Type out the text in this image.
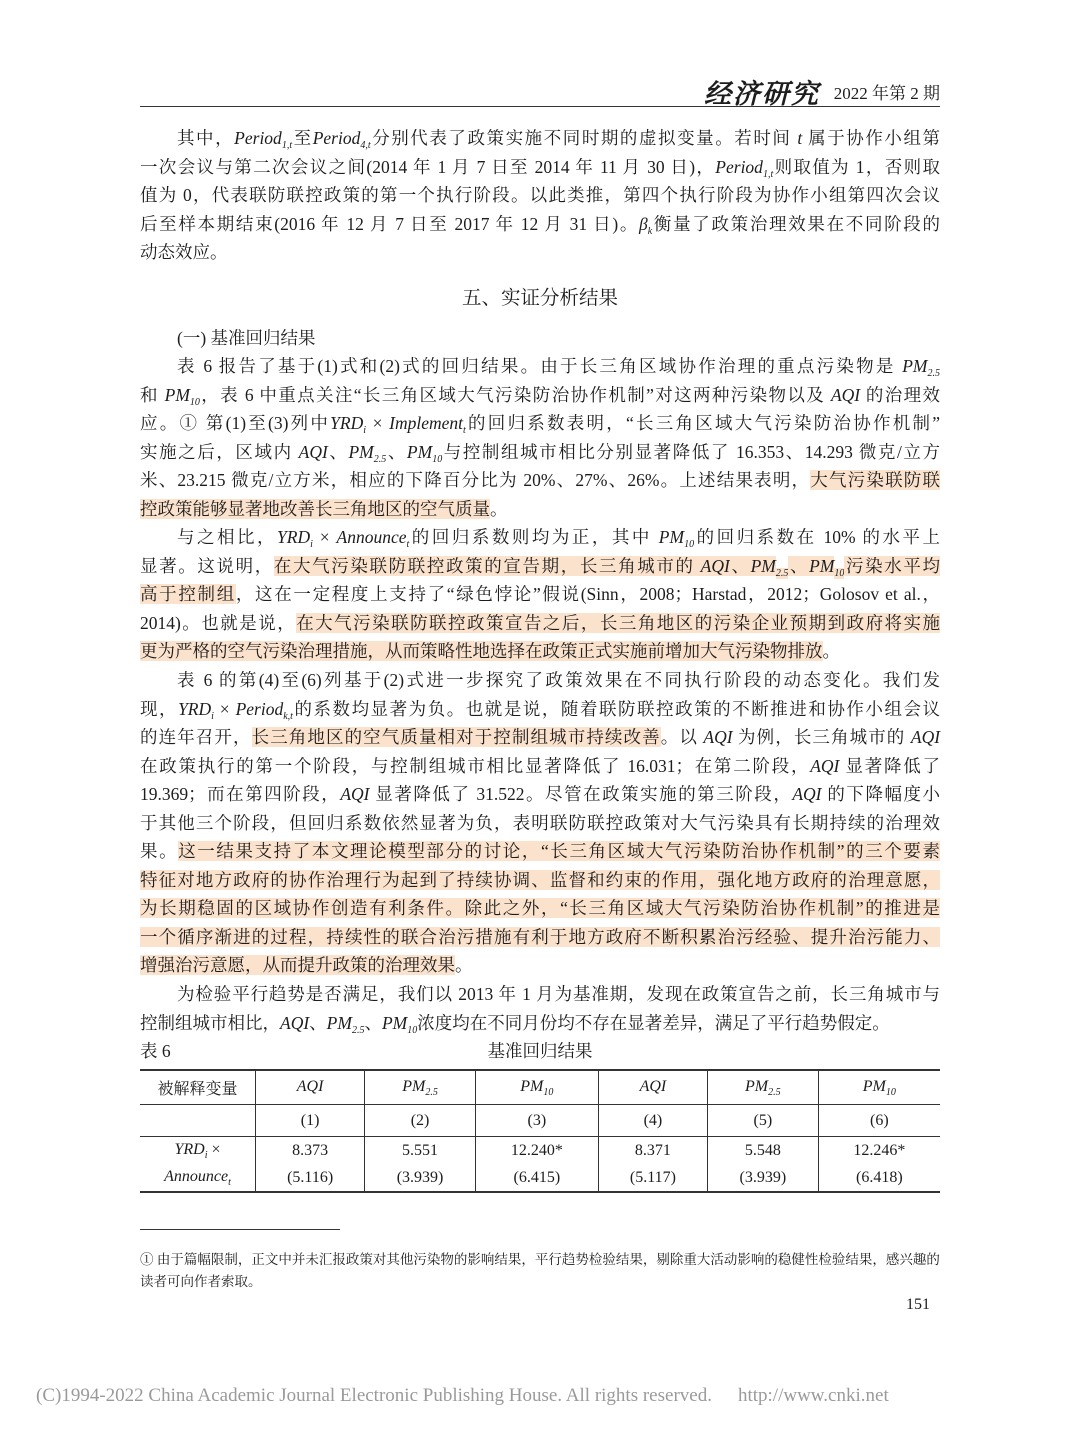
经济研究 2022 年第 2 期
其中，Period$_{1,t}$至Period$_{4,t}$分别代表了政策实施不同时期的虚拟变量。若时间 t 属于协作小组第
一次会议与第二次会议之间(2014 年 1 月 7 日至 2014 年 11 月 30 日)，Period$_{1,t}$则取值为 1，否则取
值为 0，代表联防联控政策的第一个执行阶段。以此类推，第四个执行阶段为协作小组第四次会议
后至样本期结束(2016 年 12 月 7 日至 2017 年 12 月 31 日)。$\beta_k$衡量了政策治理效果在不同阶段的
动态效应。
五、实证分析结果
(一) 基准回归结果
表 6 报告了基于(1)式和(2)式的回归结果。由于长三角区域协作治理的重点污染物是 $PM_{2.5}$
和 $PM_{10}$，表 6 中重点关注“长三角区域大气污染防治协作机制”对这两种污染物以及 AQI 的治理效
应。① 第(1)至(3)列中$YRD_i$ × Implement$_t$的回归系数表明，“长三角区域大气污染防治协作机制”
实施之后，区域内 AQI、$PM_{2.5}$、$PM_{10}$与控制组城市相比分别显著降低了 16.353、14.293 微克/立方
米、23.215 微克/立方米，相应的下降百分比为 20%、27%、26%。上述结果表明，大气污染联防联
控政策能够显著地改善长三角地区的空气质量。
与之相比，$YRD_i$ × Announce$_t$的回归系数则均为正，其中 $PM_{10}$的回归系数在 10% 的水平上
显著。这说明，在大气污染联防联控政策的宣告期，长三角城市的 AQI、$PM_{2.5}$、$PM_{10}$污染水平均
高于控制组，这在一定程度上支持了“绿色悖论”假说(Sinn，2008；Harstad，2012；Golosov et al.，
2014)。也就是说，在大气污染联防联控政策宣告之后，长三角地区的污染企业预期到政府将实施
更为严格的空气污染治理措施，从而策略性地选择在政策正式实施前增加大气污染物排放。
表 6 的第(4)至(6)列基于(2)式进一步探究了政策效果在不同执行阶段的动态变化。我们发
现，$YRD_i$ × Period$_{k,t}$的系数均显著为负。也就是说，随着联防联控政策的不断推进和协作小组会议
的连年召开，长三角地区的空气质量相对于控制组城市持续改善。以 AQI 为例，长三角城市的 AQI
在政策执行的第一个阶段，与控制组城市相比显著降低了 16.031；在第二阶段，AQI 显著降低了
19.369；而在第四阶段，AQI 显著降低了 31.522。尽管在政策实施的第三阶段，AQI 的下降幅度小
于其他三个阶段，但回归系数依然显著为负，表明联防联控政策对大气污染具有长期持续的治理效
果。这一结果支持了本文理论模型部分的讨论，“长三角区域大气污染防治协作机制”的三个要素
特征对地方政府的协作治理行为起到了持续协调、监督和约束的作用，强化地方政府的治理意愿，
为长期稳固的区域协作创造有利条件。除此之外，“长三角区域大气污染防治协作机制”的推进是
一个循序渐进的过程，持续性的联合治污措施有利于地方政府不断积累治污经验、提升治污能力、
增强治污意愿，从而提升政策的治理效果。
为检验平行趋势是否满足，我们以 2013 年 1 月为基准期，发现在政策宣告之前，长三角城市与
控制组城市相比，AQI、$PM_{2.5}$、$PM_{10}$浓度均在不同月份均不存在显著差异，满足了平行趋势假定。
表 6	基准回归结果
被解释变量	AQI	$PM_{2.5}$	$PM_{10}$	AQI	$PM_{2.5}$	$PM_{10}$
	(1)	(2)	(3)	(4)	(5)	(6)
$YRD_i$ ×	8.373	5.551	12.240*	8.371	5.548	12.246*
Announce$_t$	(5.116)	(3.939)	(6.415)	(5.117)	(3.939)	(6.418)
① 由于篇幅限制，正文中并未汇报政策对其他污染物的影响结果，平行趋势检验结果，剔除重大活动影响的稳健性检验结果，感兴趣的读者可向作者索取。
151
(C)1994-2022 China Academic Journal Electronic Publishing House. All rights reserved. http://www.cnki.net
